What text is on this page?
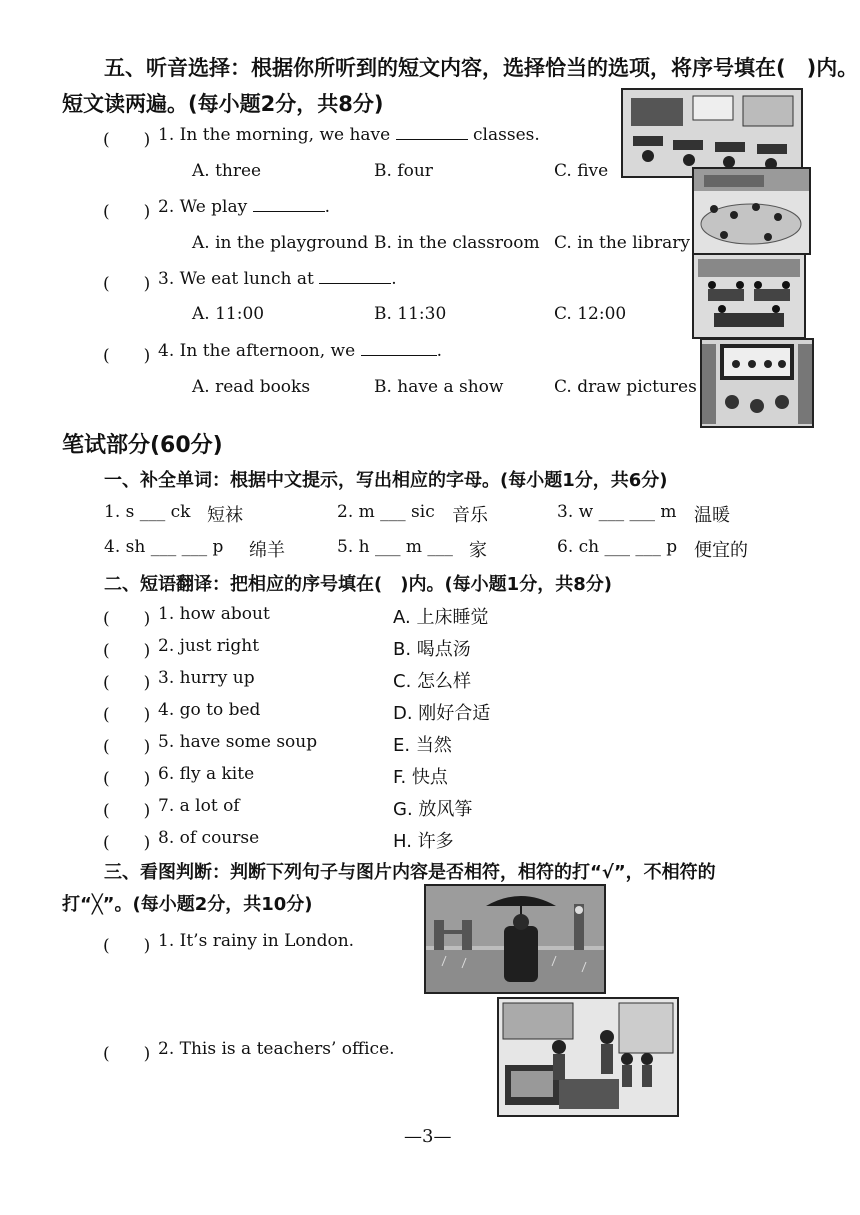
五、听音选择：根据你所听到的短文内容，选择恰当的选项，将序号填在(　)内。
短文读两遍。(每小题2分，共8分)
(　　) 1. In the morning, we have	classes.
A. three	B. four	C. five
(　　) 2. We play	.
A. in the playground B. in the classroom C. in the library
(　　) 3. We eat lunch at	.
A. 11:00	B. 11:30	C. 12:00
(　　) 4. In the afternoon, we	.
A. read books	B. have a show	C. draw pictures
笔试部分(60分)
一、补全单词：根据中文提示，写出相应的字母。(每小题1分，共6分)
1. s ___ ck 短袜	2. m ___ sic 音乐	3. w ___ ___ m 温暖
4. sh ___ ___ p 绵羊	5. h ___ m ___ 家	6. ch ___ ___ p 便宜的
二、短语翻译：把相应的序号填在(　)内。(每小题1分，共8分)
(　　) 1. how about	A. 上床睡觉
(　　) 2. just right	B. 喝点汤
(　　) 3. hurry up	C. 怎么样
(　　) 4. go to bed	D. 刚好合适
(　　) 5. have some soup	E. 当然
(　　) 6. fly a kite	F. 快点
(　　) 7. a lot of	G. 放风筝
(　　) 8. of course	H. 许多
三、看图判断：判断下列句子与图片内容是否相符，相符的打“√”，不相符的
打“╳”。(每小题2分，共10分)
(　　) 1. It’s rainy in London.
(　　) 2. This is a teachers’ office.
—3—
